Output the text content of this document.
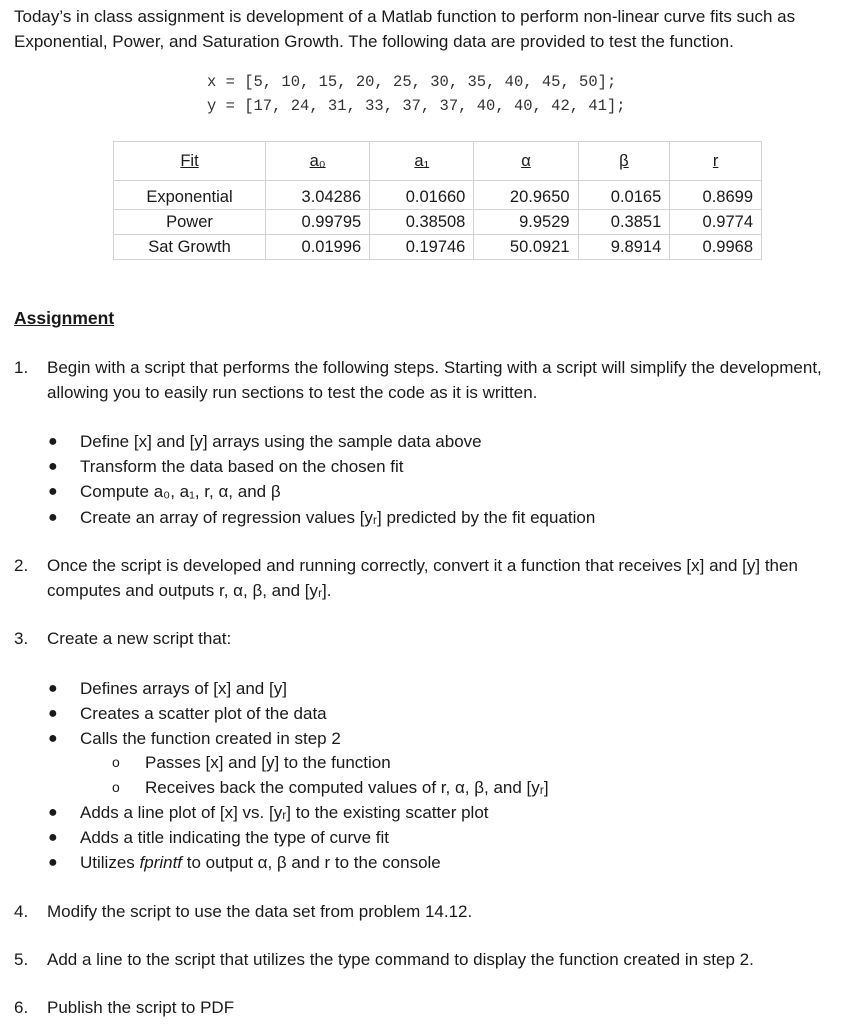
Today’s in class assignment is development of a Matlab function to perform non-linear curve fits such as Exponential, Power, and Saturation Growth. The following data are provided to test the function.

x = [5, 10, 15, 20, 25, 30, 35, 40, 45, 50];
y = [17, 24, 31, 33, 37, 37, 40, 40, 42, 41];
Fit	a₀	a₁	α	β	r
Exponential	3.04286	0.01660	20.9650	0.0165	0.8699
Power	0.99795	0.38508	9.9529	0.3851	0.9774
Sat Growth	0.01996	0.19746	50.0921	9.8914	0.9968
Assignment
1. Begin with a script that performs the following steps. Starting with a script will simplify the development, allowing you to easily run sections to test the code as it is written.
● Define [x] and [y] arrays using the sample data above
● Transform the data based on the chosen fit
● Compute a₀, a₁, r, α, and β
● Create an array of regression values [yᵣ] predicted by the fit equation
2. Once the script is developed and running correctly, convert it a function that receives [x] and [y] then computes and outputs r, α, β, and [yᵣ].
3. Create a new script that:
● Defines arrays of [x] and [y]
● Creates a scatter plot of the data
● Calls the function created in step 2
o Passes [x] and [y] to the function
o Receives back the computed values of r, α, β, and [yᵣ]
● Adds a line plot of [x] vs. [yᵣ] to the existing scatter plot
● Adds a title indicating the type of curve fit
● Utilizes fprintf to output α, β and r to the console
4. Modify the script to use the data set from problem 14.12.
5. Add a line to the script that utilizes the type command to display the function created in step 2.
6. Publish the script to PDF
